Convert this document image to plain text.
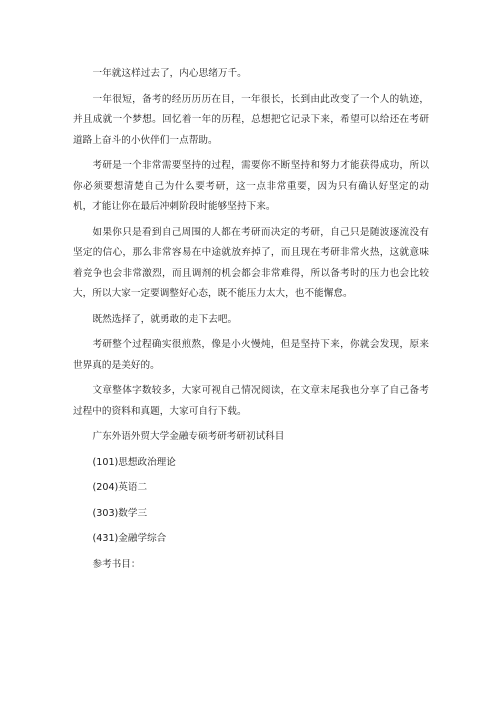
一年就这样过去了，内心思绪万千。

一年很短，备考的经历历历在目，一年很长，长到由此改变了一个人的轨迹，并且成就一个梦想。回忆着一年的历程，总想把它记录下来，希望可以给还在考研道路上奋斗的小伙伴们一点帮助。

考研是一个非常需要坚持的过程，需要你不断坚持和努力才能获得成功，所以你必须要想清楚自己为什么要考研，这一点非常重要，因为只有确认好坚定的动机，才能让你在最后冲刺阶段时能够坚持下来。

如果你只是看到自己周围的人都在考研而决定的考研，自己只是随波逐流没有坚定的信心，那么非常容易在中途就放弃掉了，而且现在考研非常火热，这就意味着竞争也会非常激烈，而且调剂的机会都会非常难得，所以备考时的压力也会比较大，所以大家一定要调整好心态，既不能压力太大，也不能懈怠。

既然选择了，就勇敢的走下去吧。

考研整个过程确实很煎熬，像是小火慢炖，但是坚持下来，你就会发现，原来世界真的是美好的。

文章整体字数较多，大家可视自己情况阅读，在文章末尾我也分享了自己备考过程中的资料和真题，大家可自行下载。

广东外语外贸大学金融专硕考研考研初试科目

(101)思想政治理论

(204)英语二

(303)数学三

(431)金融学综合

参考书目：
